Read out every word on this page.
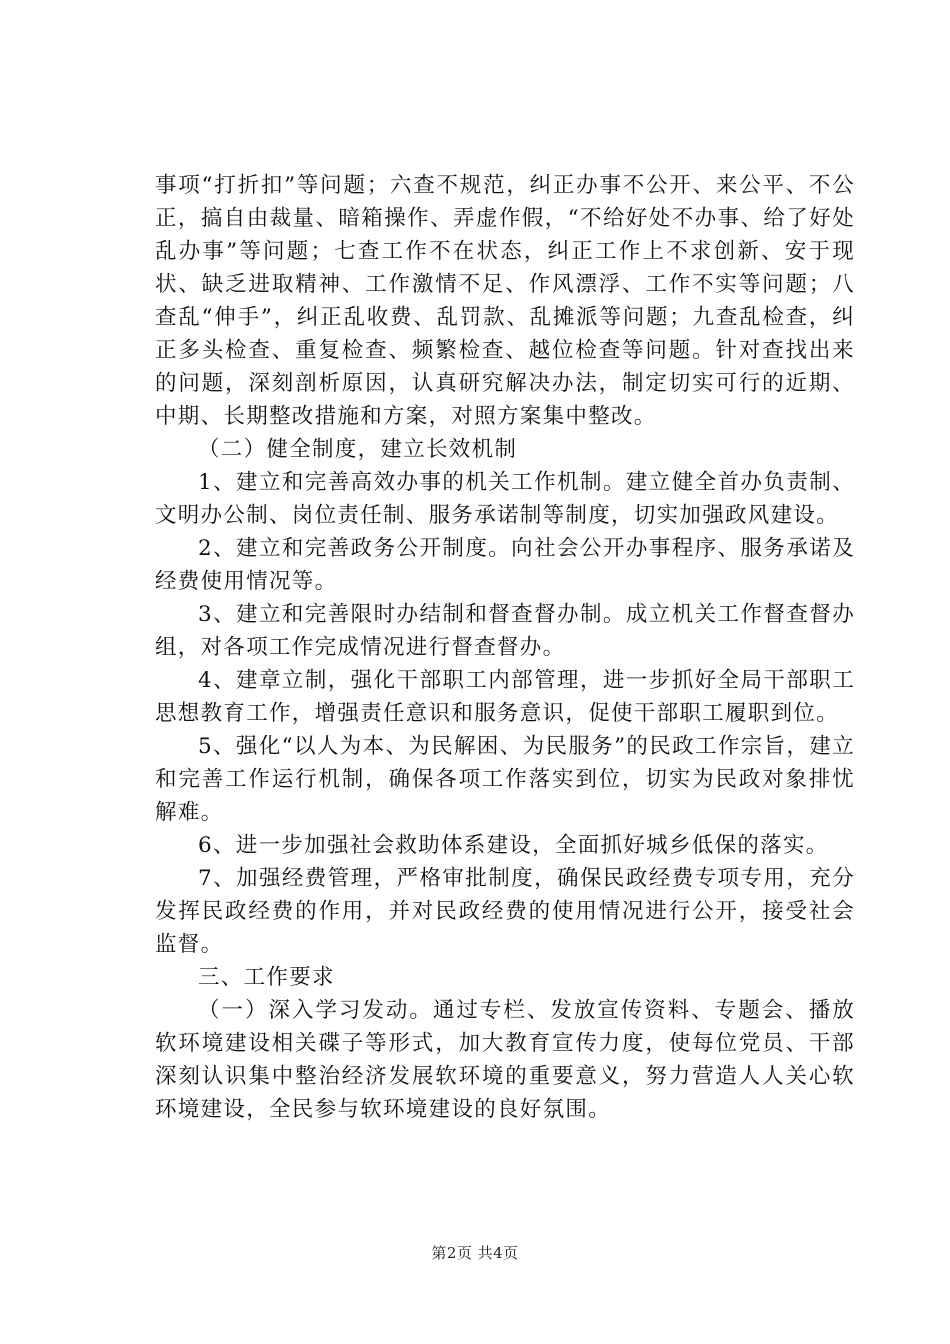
事项“打折扣”等问题；六查不规范，纠正办事不公开、来公平、不公正，搞自由裁量、暗箱操作、弄虚作假，“不给好处不办事、给了好处乱办事”等问题；七查工作不在状态，纠正工作上不求创新、安于现状、缺乏进取精神、工作激情不足、作风漂浮、工作不实等问题；八查乱“伸手”，纠正乱收费、乱罚款、乱摊派等问题；九查乱检查，纠正多头检查、重复检查、频繁检查、越位检查等问题。针对查找出来的问题，深刻剖析原因，认真研究解决办法，制定切实可行的近期、中期、长期整改措施和方案，对照方案集中整改。

（二）健全制度，建立长效机制

1、建立和完善高效办事的机关工作机制。建立健全首办负责制、文明办公制、岗位责任制、服务承诺制等制度，切实加强政风建设。

2、建立和完善政务公开制度。向社会公开办事程序、服务承诺及经费使用情况等。

3、建立和完善限时办结制和督查督办制。成立机关工作督查督办组，对各项工作完成情况进行督查督办。

4、建章立制，强化干部职工内部管理，进一步抓好全局干部职工思想教育工作，增强责任意识和服务意识，促使干部职工履职到位。

5、强化“以人为本、为民解困、为民服务”的民政工作宗旨，建立和完善工作运行机制，确保各项工作落实到位，切实为民政对象排忧解难。

6、进一步加强社会救助体系建设，全面抓好城乡低保的落实。

7、加强经费管理，严格审批制度，确保民政经费专项专用，充分发挥民政经费的作用，并对民政经费的使用情况进行公开，接受社会监督。

三、工作要求

（一）深入学习发动。通过专栏、发放宣传资料、专题会、播放软环境建设相关碟子等形式，加大教育宣传力度，使每位党员、干部深刻认识集中整治经济发展软环境的重要意义，努力营造人人关心软环境建设，全民参与软环境建设的良好氛围。

第2页 共4页
